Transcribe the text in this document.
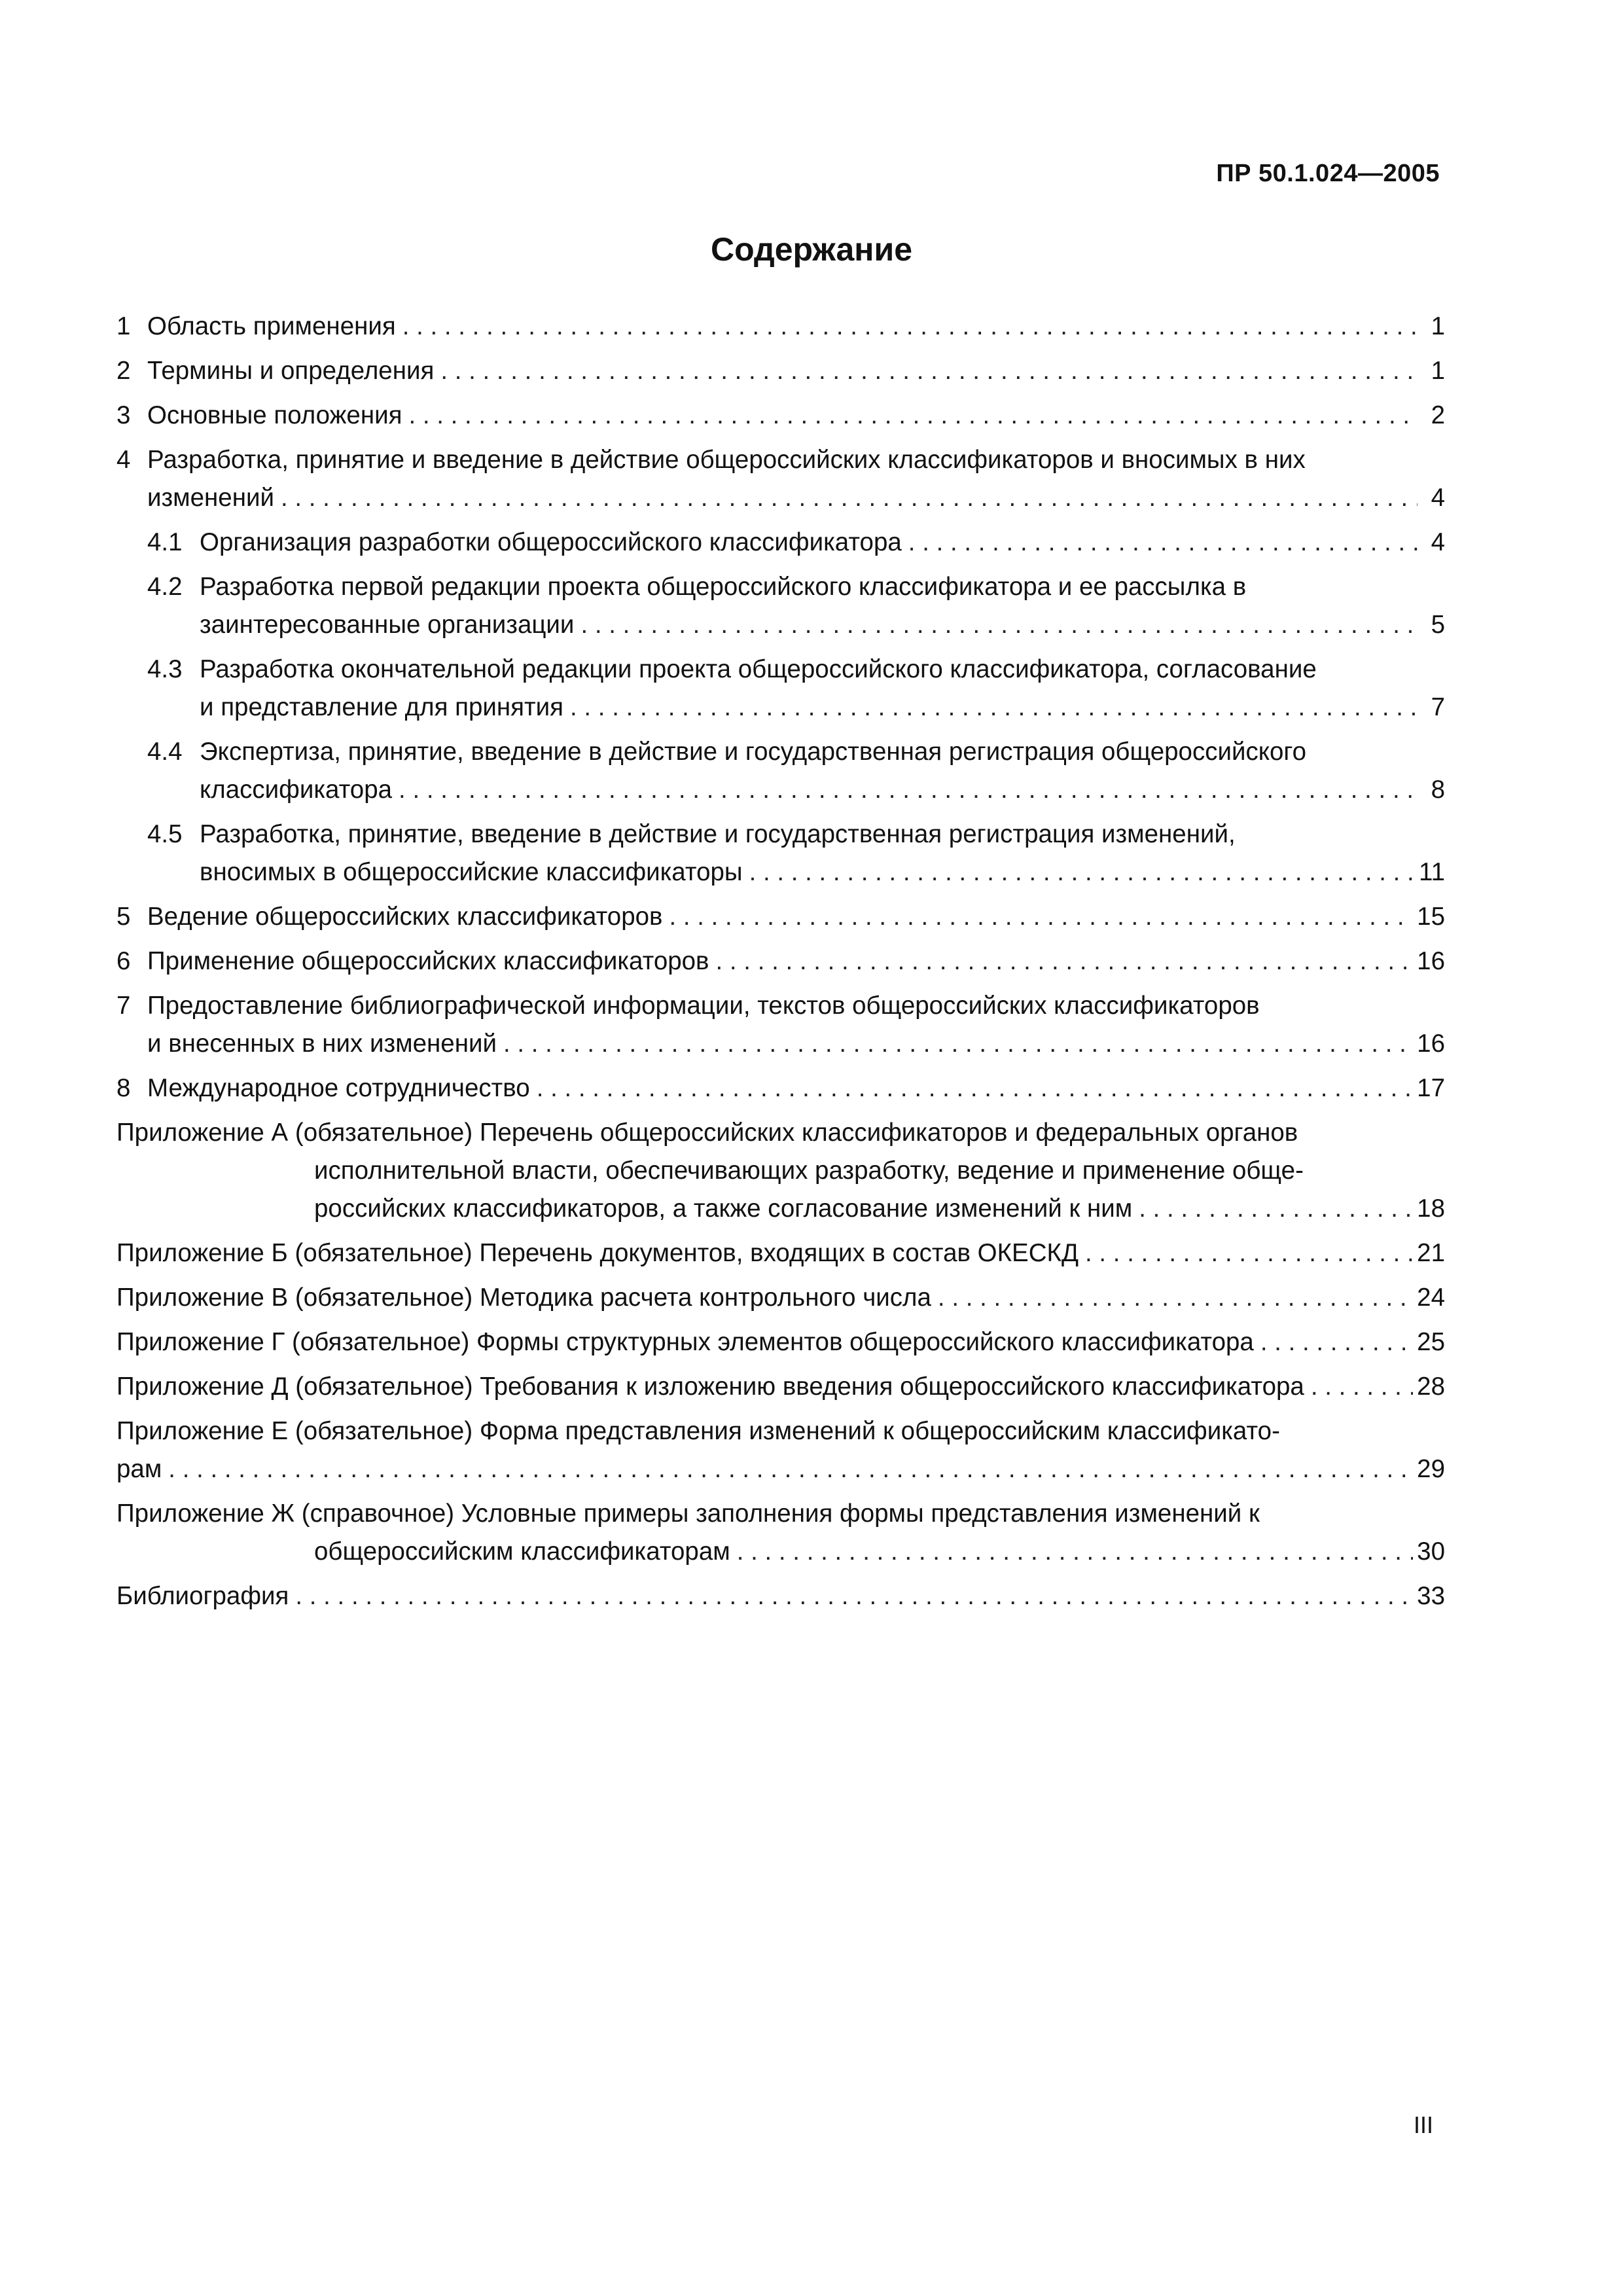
ПР 50.1.024—2005
Содержание
1 Область применения . . .	1
2 Термины и определения . . .	1
3 Основные положения . . .	2
4 Разработка, принятие и введение в действие общероссийских классификаторов и вносимых в них
изменений . . .	4
4.1 Организация разработки общероссийского классификатора . . .	4
4.2 Разработка первой редакции проекта общероссийского классификатора и ее рассылка в
заинтересованные организации . . .	5
4.3 Разработка окончательной редакции проекта общероссийского классификатора, согласование
и представление для принятия . . .	7
4.4 Экспертиза, принятие, введение в действие и государственная регистрация общероссийского
классификатора . . .	8
4.5 Разработка, принятие, введение в действие и государственная регистрация изменений,
вносимых в общероссийские классификаторы . . .	11
5 Ведение общероссийских классификаторов . . .	15
6 Применение общероссийских классификаторов . . .	16
7 Предоставление библиографической информации, текстов общероссийских классификаторов
и внесенных в них изменений . . .	16
8 Международное сотрудничество . . .	17
Приложение А (обязательное) Перечень общероссийских классификаторов и федеральных органов
исполнительной власти, обеспечивающих разработку, ведение и применение обще-
российских классификаторов, а также согласование изменений к ним . . .	18
Приложение Б (обязательное) Перечень документов, входящих в состав ОКЕСКД . . .	21
Приложение В (обязательное) Методика расчета контрольного числа . . .	24
Приложение Г (обязательное) Формы структурных элементов общероссийского классификатора . . .	25
Приложение Д (обязательное) Требования к изложению введения общероссийского классификатора . . .	28
Приложение Е (обязательное) Форма представления изменений к общероссийским классификато-
рам . . .	29
Приложение Ж (справочное) Условные примеры заполнения формы представления изменений к
общероссийским классификаторам . . .	30
Библиография . . .	33
III
